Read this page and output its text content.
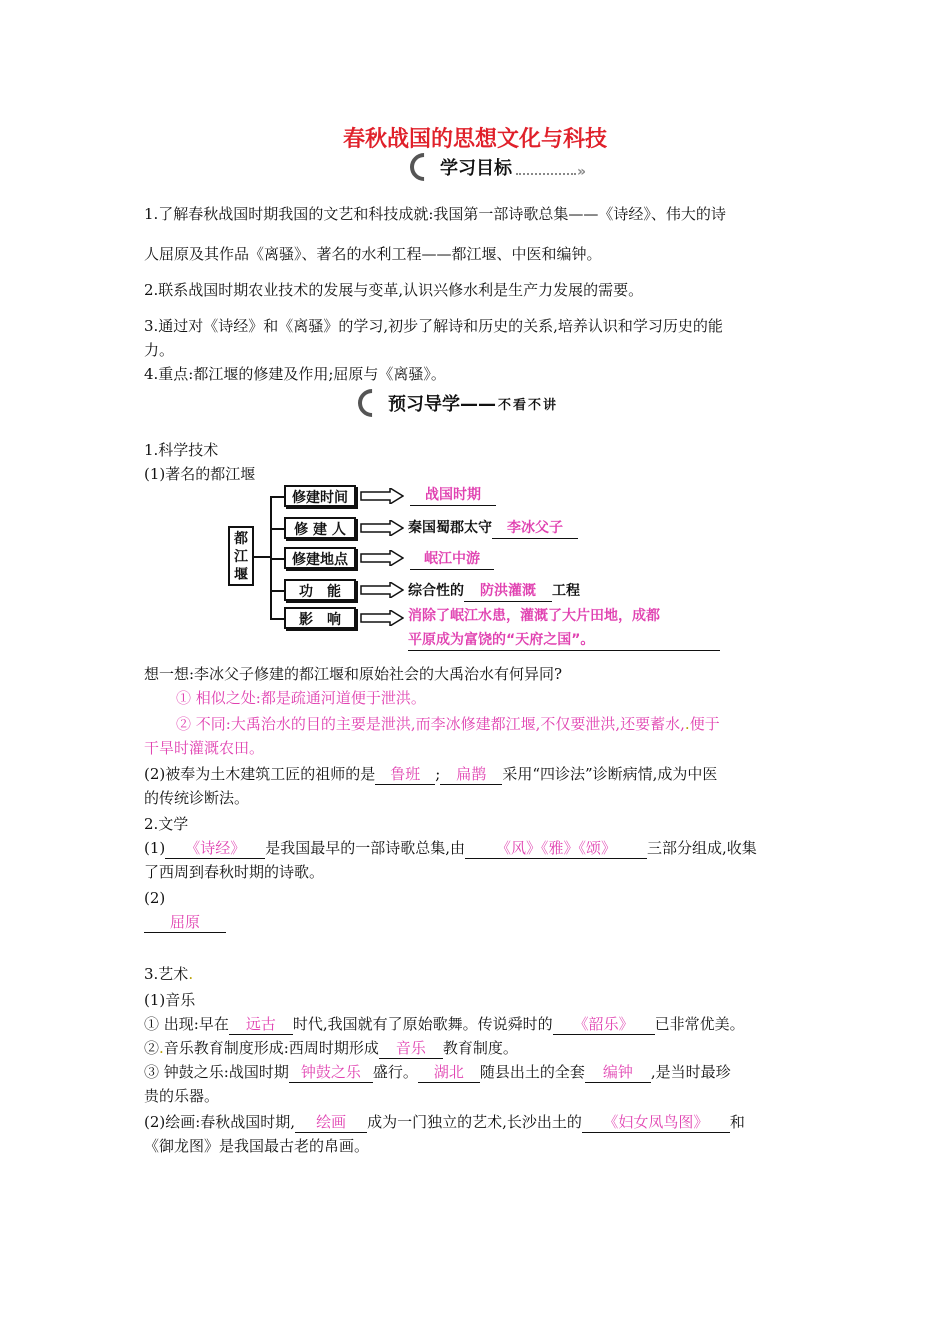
春秋战国的思想文化与科技
学习目标
»
1.了解春秋战国时期我国的文艺和科技成就:我国第一部诗歌总集——《诗经》、伟大的诗
人屈原及其作品《离骚》、著名的水利工程——都江堰、中医和编钟。
2.联系战国时期农业技术的发展与变革,认识兴修水利是生产力发展的需要。
3.通过对《诗经》和《离骚》的学习,初步了解诗和历史的关系,培养认识和学习历史的能
力。
4.重点:都江堰的修建及作用;屈原与《离骚》。
预习导学—— 不看不讲
1.科学技术
(1)著名的都江堰
都江堰
修建时间	战国时期
修 建 人	秦国蜀郡太守 李冰父子
修建地点	岷江中游
功　能	综合性的 防洪灌溉 工程
影　响	消除了岷江水患，灌溉了大片田地，成都
平原成为富饶的“天府之国”。
想一想:李冰父子修建的都江堰和原始社会的大禹治水有何异同?
① 相似之处:都是疏通河道便于泄洪。
② 不同:大禹治水的目的主要是泄洪,而李冰修建都江堰,不仅要泄洪,还要蓄水,.便于
干旱时灌溉农田。
(2)被奉为土木建筑工匠的祖师的是 鲁班 ; 扁鹊 采用“四诊法”诊断病情,成为中医
的传统诊断法。
2.文学
(1) 《诗经》 是我国最早的一部诗歌总集,由 《风》《雅》《颂》 三部分组成,收集
了西周到春秋时期的诗歌。
(2)
屈原
3.艺术.
(1)音乐
① 出现:早在 远古 时代,我国就有了原始歌舞。传说舜时的 《韶乐》 已非常优美。
②.音乐教育制度形成:西周时期形成 音乐 教育制度。
③ 钟鼓之乐:战国时期 钟鼓之乐 盛行。 湖北 随县出土的全套 编钟 ,是当时最珍
贵的乐器。
(2)绘画:春秋战国时期, 绘画 成为一门独立的艺术,长沙出土的 《妇女凤鸟图》 和
《御龙图》是我国最古老的帛画。
